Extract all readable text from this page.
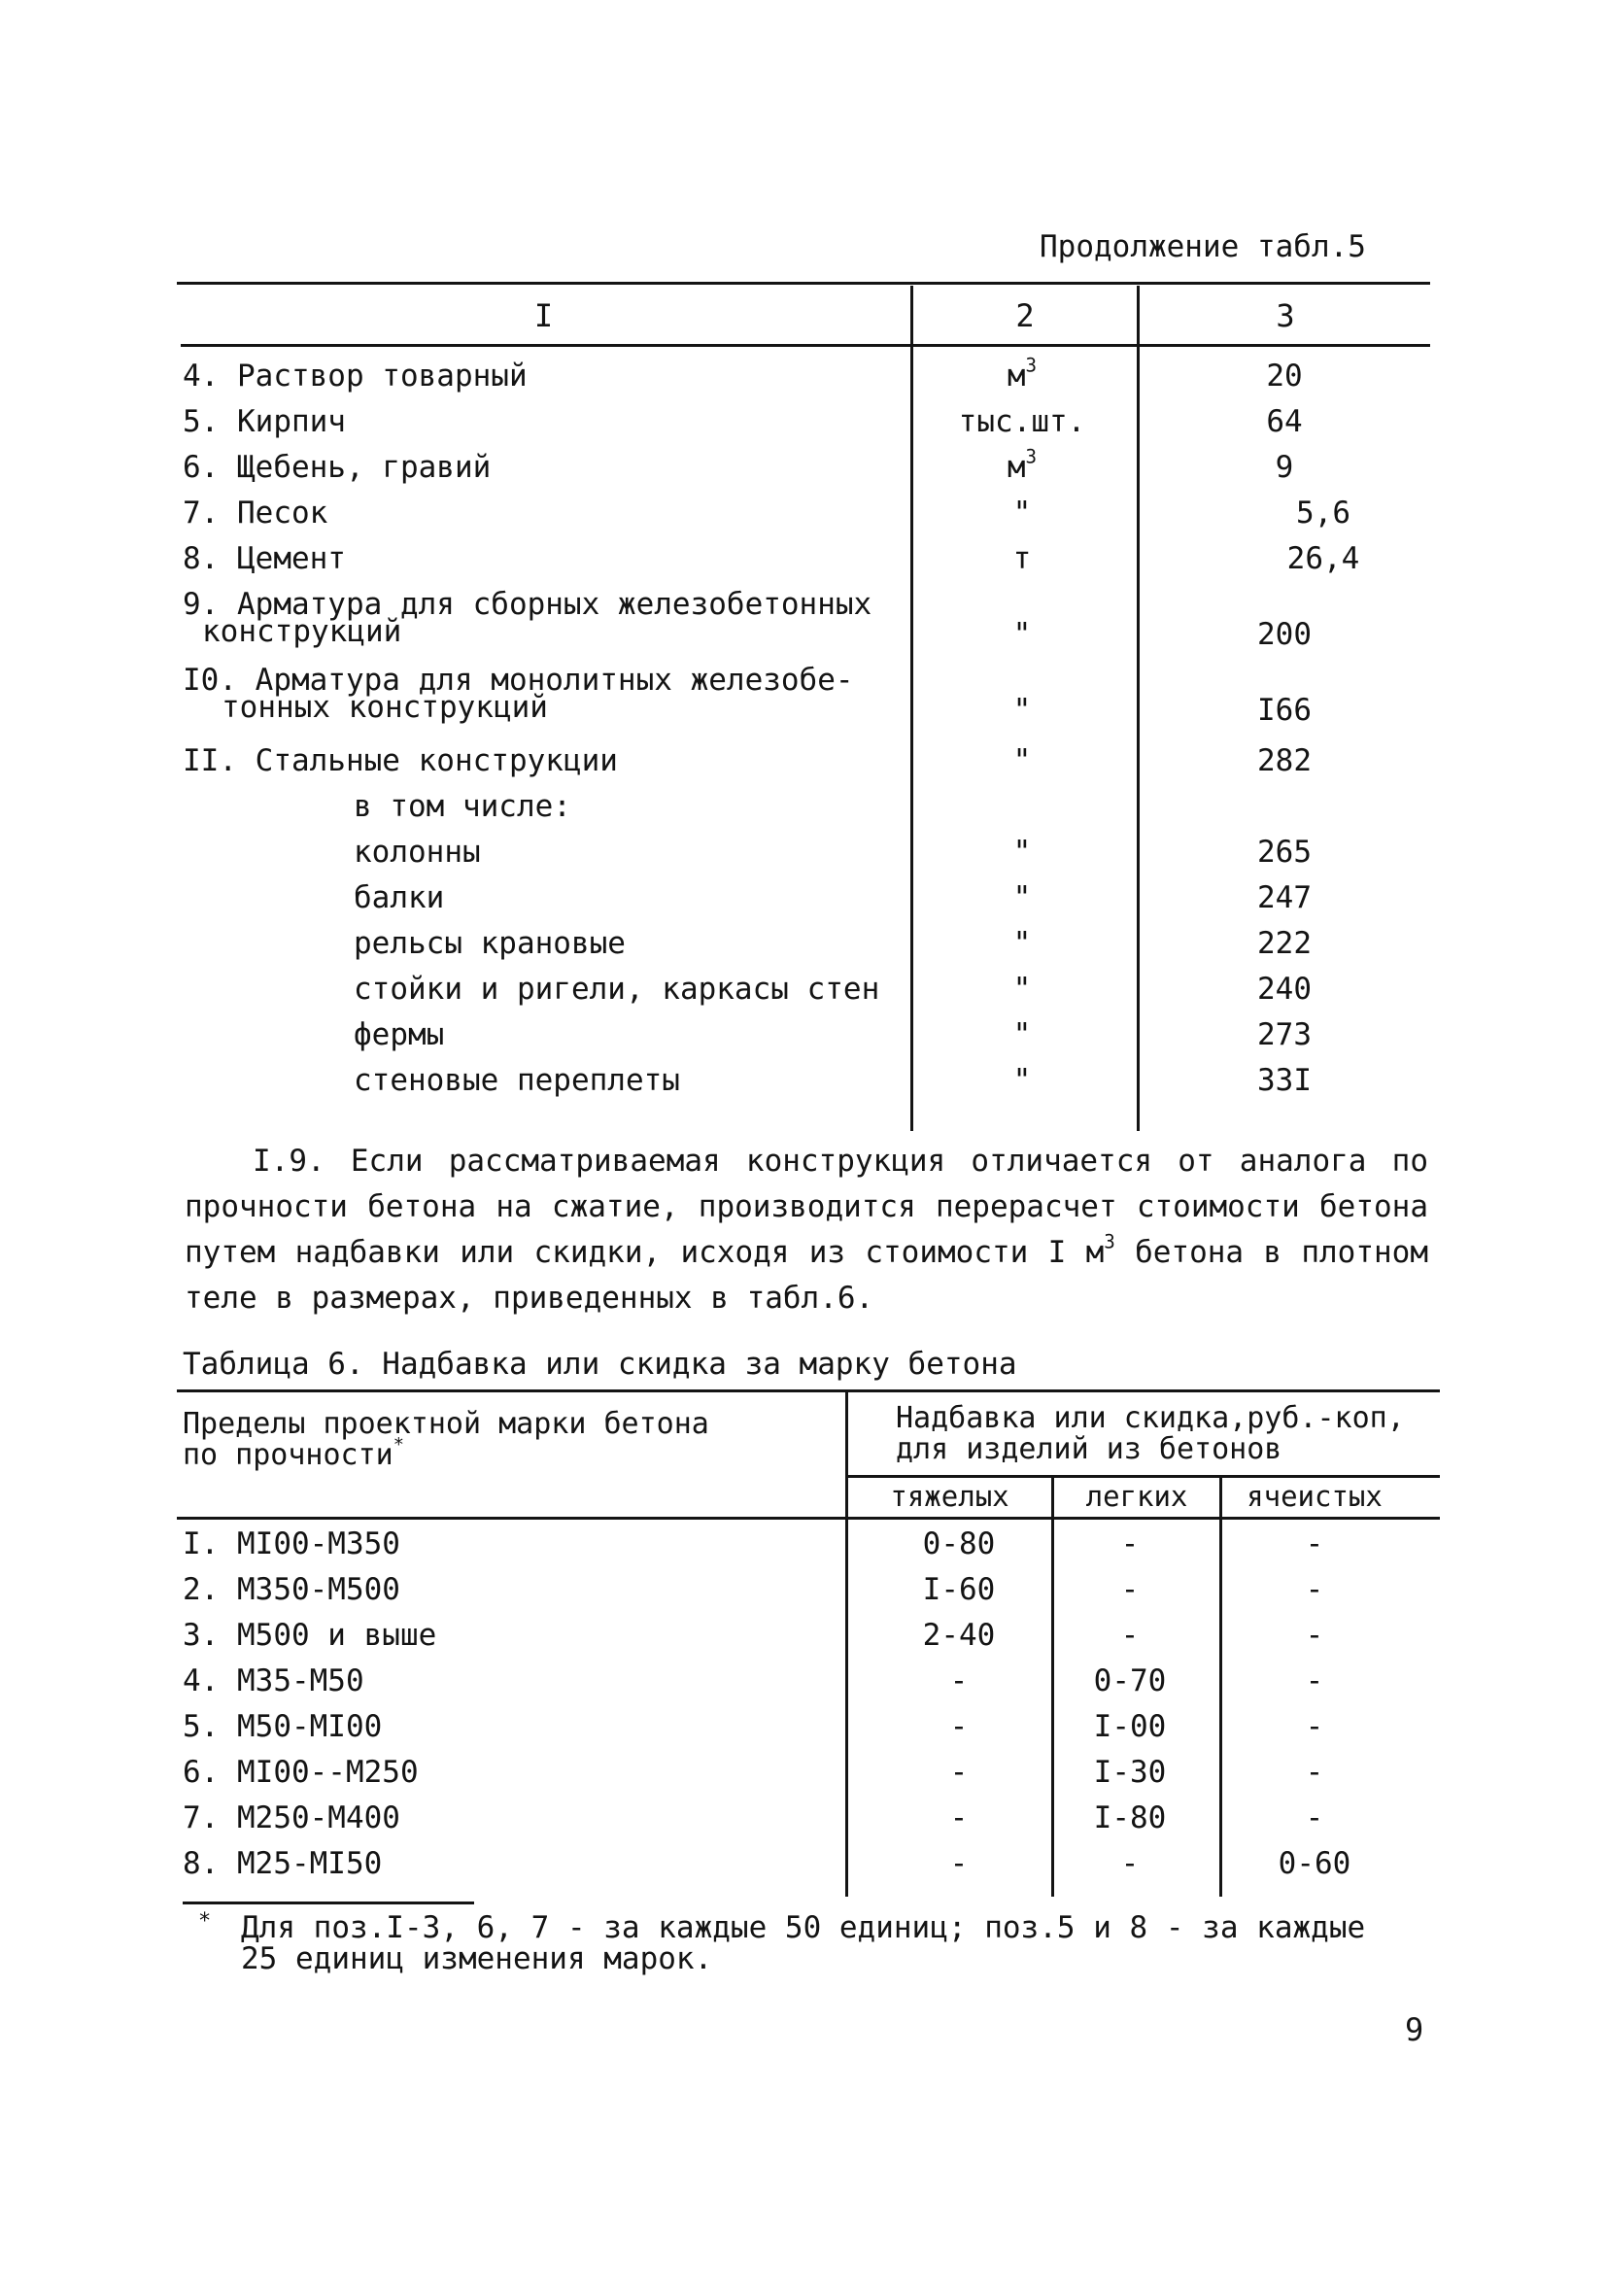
Продолжение табл.5
I	2	3
4. Раствор товарный	$м^3$	20
5. Кирпич	тыс.шт.	64
6. Щебень, гравий	$м^3$	9
7. Песок	"	5,6
8. Цемент	т	26,4
9. Арматура для сборных железобетонных
конструкций	"	200
I0. Арматура для монолитных железобе-
тонных конструкций	"	I66
II. Стальные конструкции	"	282
в том числе:
колонны	"	265
балки	"	247
рельсы крановые	"	222
стойки и ригели, каркасы стен	"	240
фермы	"	273
стеновые переплеты	"	33I
I.9. Если рассматриваемая конструкция отличается от аналога по прочности бетона на сжатие, производится перерасчет стоимости бетона путем надбавки или скидки, исходя из стоимости I $м^3$ бетона в плотном теле в размерах, приведенных в табл.6.
Таблица 6. Надбавка или скидка за марку бетона
Пределы проектной марки бетона
по прочности*
Надбавка или скидка,руб.-коп,
для изделий из бетонов
тяжелых	легких	ячеистых
I. MI00-M350	0-80	-	-
2. M350-M500	I-60	-	-
3. M500 и выше	2-40	-	-
4. M35-M50	-	0-70	-
5. M50-MI00	-	I-00	-
6. MI00--M250	-	I-30	-
7. M250-M400	-	I-80	-
8. M25-MI50	-	-	0-60
* Для поз.I-3, 6, 7 - за каждые 50 единиц; поз.5 и 8 - за каждые
25 единиц изменения марок.
9
